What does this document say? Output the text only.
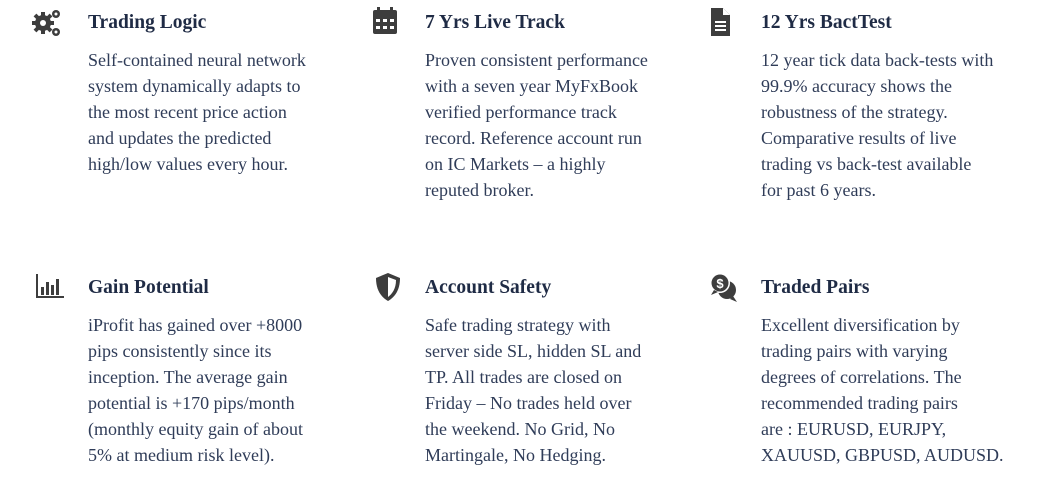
Trading Logic
Self-contained neural network
system dynamically adapts to
the most recent price action
and updates the predicted
high/low values every hour.
7 Yrs Live Track
Proven consistent performance
with a seven year MyFxBook
verified performance track
record. Reference account run
on IC Markets – a highly
reputed broker.
12 Yrs BactTest
12 year tick data back-tests with
99.9% accuracy shows the
robustness of the strategy.
Comparative results of live
trading vs back-test available
for past 6 years.
Gain Potential
iProfit has gained over +8000
pips consistently since its
inception. The average gain
potential is +170 pips/month
(monthly equity gain of about
5% at medium risk level).
Account Safety
Safe trading strategy with
server side SL, hidden SL and
TP. All trades are closed on
Friday – No trades held over
the weekend. No Grid, No
Martingale, No Hedging.
$ Traded Pairs
Excellent diversification by
trading pairs with varying
degrees of correlations. The
recommended trading pairs
are : EURUSD, EURJPY,
XAUUSD, GBPUSD, AUDUSD.
